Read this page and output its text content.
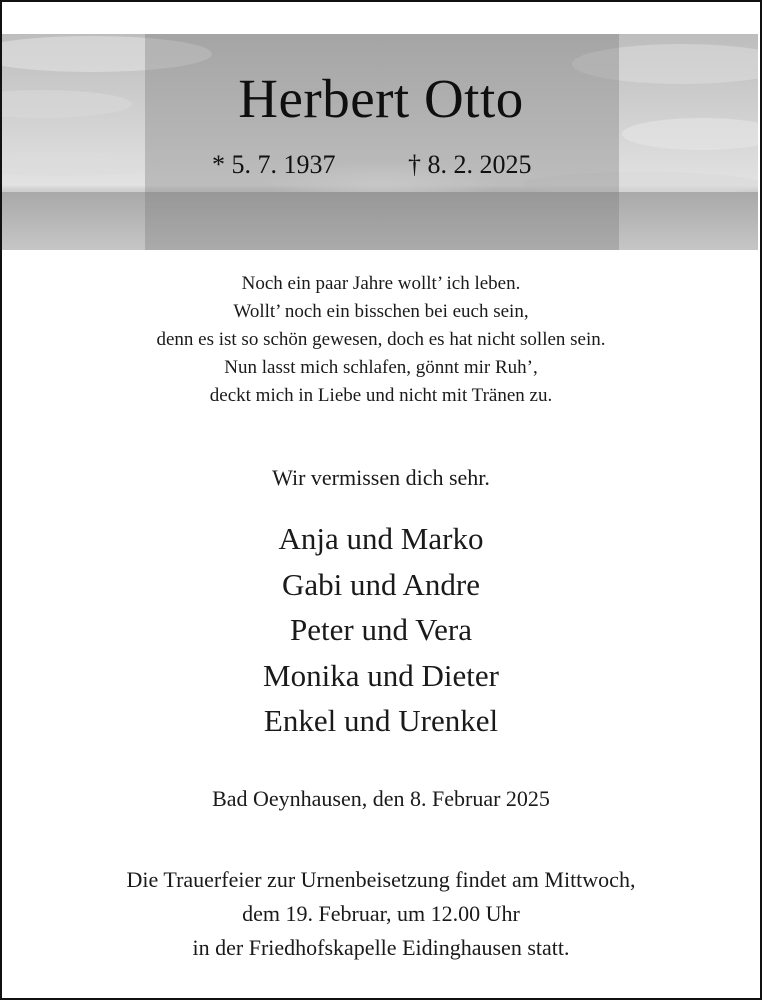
Herbert Otto
* 5. 7. 1937	† 8. 2. 2025
Noch ein paar Jahre wollt’ ich leben.
Wollt’ noch ein bisschen bei euch sein,
denn es ist so schön gewesen, doch es hat nicht sollen sein.
Nun lasst mich schlafen, gönnt mir Ruh’,
deckt mich in Liebe und nicht mit Tränen zu.
Wir vermissen dich sehr.
Anja und Marko
Gabi und Andre
Peter und Vera
Monika und Dieter
Enkel und Urenkel
Bad Oeynhausen, den 8. Februar 2025
Die Trauerfeier zur Urnenbeisetzung findet am Mittwoch,
dem 19. Februar, um 12.00 Uhr
in der Friedhofskapelle Eidinghausen statt.
